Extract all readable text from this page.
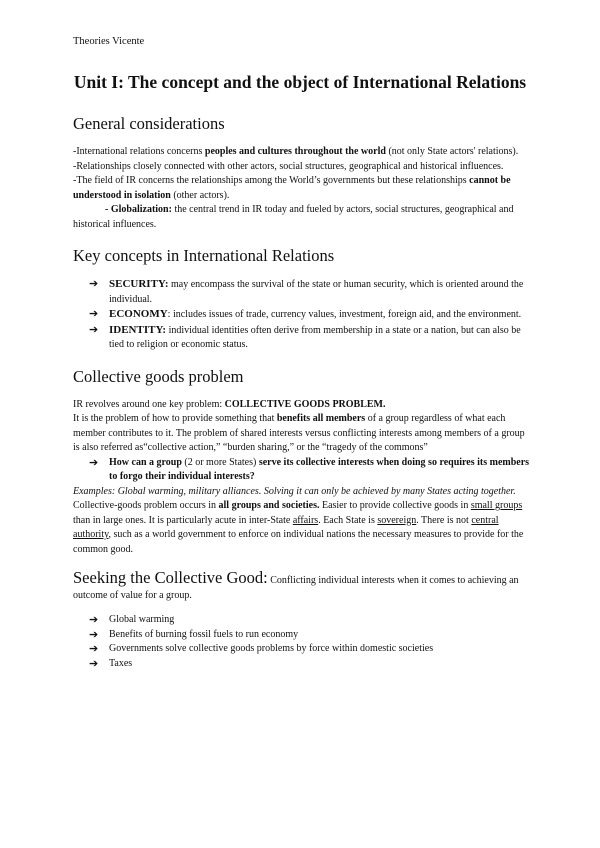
Theories Vicente
Unit I: The concept and the object of International Relations
General considerations

-International relations concerns peoples and cultures throughout the world (not only State actors' relations).

-Relationships closely connected with other actors, social structures, geographical and historical influences.

-The field of IR concerns the relationships among the World’s governments but these relationships cannot be understood in isolation (other actors).

- Globalization: the central trend in IR today and fueled by actors, social structures, geographical and historical influences.

Key concepts in International Relations
➔ SECURITY: may encompass the survival of the state or human security, which is oriented around the individual.
➔ ECONOMY: includes issues of trade, currency values, investment, foreign aid, and the environment.
➔ IDENTITY: individual identities often derive from membership in a state or a nation, but can also be tied to religion or economic status.
Collective goods problem

IR revolves around one key problem: COLLECTIVE GOODS PROBLEM.

It is the problem of how to provide something that benefits all members of a group regardless of what each member contributes to it. The problem of shared interests versus conflicting interests among members of a group is also referred as“collective action,” “burden sharing,” or the “tragedy of the commons”

➔ How can a group (2 or more States) serve its collective interests when doing so requires its members to forgo their individual interests?

Examples: Global warming, military alliances. Solving it can only be achieved by many States acting together.

Collective-goods problem occurs in all groups and societies. Easier to provide collective goods in small groups than in large ones. It is particularly acute in inter-State affairs. Each State is sovereign. There is not central authority, such as a world government to enforce on individual nations the necessary measures to provide for the common good.

Seeking the Collective Good: Conflicting individual interests when it comes to achieving an outcome of value for a group.

➔ Global warming
➔ Benefits of burning fossil fuels to run economy
➔ Governments solve collective goods problems by force within domestic societies
➔ Taxes
